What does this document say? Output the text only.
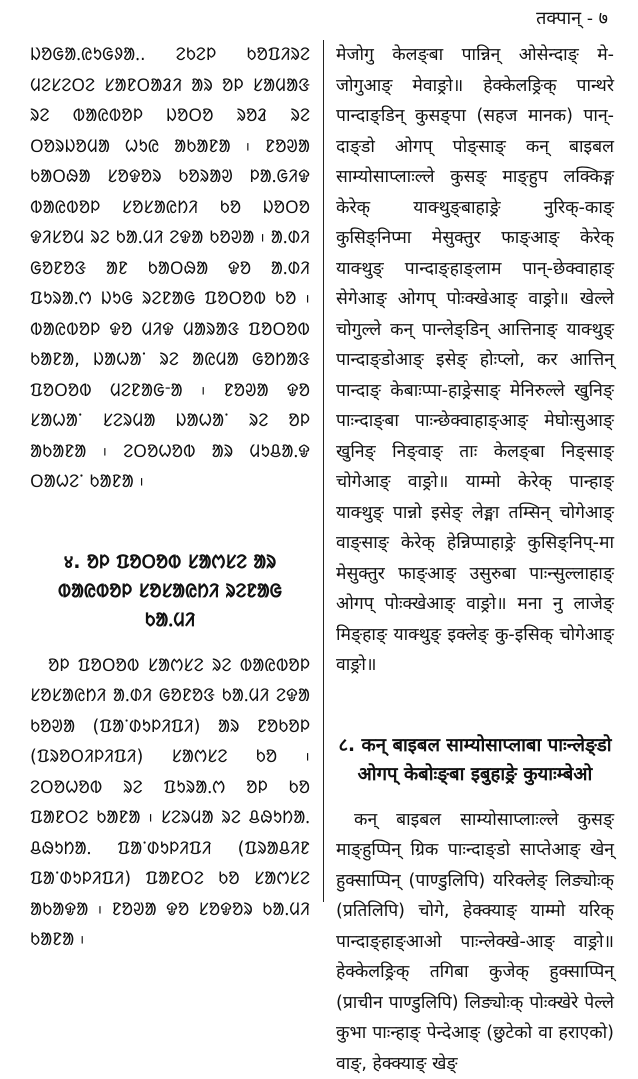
तक्पान् - ७

ᱡᱚᱜᱟᱹᱭᱩᱜᱽᱟᱹ. ᱮᱠᱮᱞ ᱠᱚᱯᱤᱨᱮ ᱢᱮᱥᱮᱛᱮ ᱥᱟᱱᱛᱟᱲᱤ ᱟᱨ ᱚᱞ ᱥᱟᱢᱟᱝ ᱨᱮ ᱵᱟᱭᱵᱚᱞ ᱡᱚᱛᱚ ᱨᱚᱲ ᱨᱮ ᱛᱚᱨᱡᱚᱢᱟ ᱦᱩᱭ ᱟᱠᱟᱱᱟ ᱾ ᱱᱚᱣᱟ ᱠᱟᱛᱷᱟ ᱥᱚᱫᱚᱨ ᱠᱚᱨᱟᱣ ᱞᱟᱹᱜᱤᱫ ᱵᱟᱭᱵᱚᱞ ᱥᱚᱥᱟᱭᱴᱤ ᱠᱚ ᱡᱚᱛᱚ ᱫᱤᱥᱚᱢ ᱨᱮ ᱠᱟᱹᱢᱤ ᱮᱫᱟ ᱠᱚᱣᱟ ᱾ ᱟᱹᱰᱤ ᱜᱚᱱᱚᱝ ᱟᱱ ᱠᱟᱛᱷᱟ ᱫᱚ ᱟᱹᱰᱤ ᱯᱩᱨᱟᱹᱬ ᱡᱩᱜ ᱨᱮᱱᱟᱜ ᱯᱚᱛᱚᱵ ᱠᱚ ᱾ ᱵᱟᱭᱵᱚᱞ ᱫᱚ ᱢᱤᱫ ᱢᱟᱨᱟᱝ ᱯᱚᱛᱚᱵ ᱠᱟᱱᱟ, ᱡᱟᱦᱟᱸ ᱨᱮ ᱟᱭᱢᱟ ᱜᱚᱴᱟᱝ ᱯᱚᱛᱚᱵ ᱢᱮᱱᱟᱜᱼᱟ ᱾ ᱱᱚᱣᱟ ᱫᱚ ᱥᱟᱦᱟᱸ ᱥᱮᱨᱢᱟ ᱡᱟᱦᱟᱸ ᱨᱮ ᱚᱞ ᱟᱠᱟᱱᱟ ᱾ ᱮᱛᱚᱦᱚᱵ ᱟᱨ ᱢᱩᱪᱟᱹᱫ ᱛᱟᱦᱮᱸ ᱠᱟᱱᱟ ᱾

४. ᱚᱞ ᱯᱚᱛᱚᱵ ᱥᱟᱬᱥᱮ ᱟᱨ ᱵᱟᱭᱵᱚᱞ ᱥᱚᱥᱟᱭᱴᱤ ᱨᱮᱱᱟᱜ ᱠᱟᱹᱢᱤ

ᱚᱞ ᱯᱚᱛᱚᱵ ᱥᱟᱬᱥᱮ ᱨᱮ ᱵᱟᱭᱵᱚᱞ ᱥᱚᱥᱟᱭᱴᱤ ᱟᱹᱰᱤ ᱜᱚᱱᱚᱝ ᱠᱟᱹᱢᱤ ᱮᱫᱟ ᱠᱚᱣᱟ (ᱯᱟᱸᱰᱩᱞᱤᱯᱤ) ᱟᱨ ᱱᱚᱠᱚᱞ (ᱯᱨᱚᱛᱤᱞᱤᱯᱤ) ᱥᱟᱬᱥᱮ ᱠᱚ ᱾ ᱮᱛᱚᱦᱚᱵ ᱨᱮ ᱯᱩᱨᱟᱹᱬ ᱚᱞ ᱠᱚ ᱯᱟᱱᱛᱮ ᱠᱟᱱᱟ ᱾ ᱥᱮᱨᱢᱟ ᱨᱮ ᱪᱷᱩᱴᱟᱹ ᱪᱷᱩᱴᱟᱹ ᱯᱟᱸᱰᱩᱞᱤᱯᱤ (ᱯᱨᱟᱪᱤᱱ ᱯᱟᱸᱰᱩᱞᱤᱯᱤ) ᱯᱟᱱᱛᱮ ᱠᱚ ᱥᱟᱬᱥᱮ ᱟᱠᱟᱫᱟ ᱾ ᱱᱚᱣᱟ ᱫᱚ ᱥᱚᱫᱚᱨ ᱠᱟᱹᱢᱤ ᱠᱟᱱᱟ ᱾

मेजोगु केलङ्बा पान्निन् ओसेन्दाङ् मे-जोगुआङ् मेवाङ्रो॥ हेक्केलङ्रिक् पान्थरे पान्दाङ्डिन् कुसङ्पा (सहज मानक) पान्-दाङ्डो ओगप् पोङ्साङ् कन् बाइबल साम्योसाप्लाःल्ले कुसङ् माङ्हुप लक्किङ्ग केरेक् याक्थुङ्बाहाङ्रे नुरिक्-काङ् कुसिङ्निप्मा मेसुक्तुर फाङ्आङ् केरेक् याक्थुङ् पान्दाङ्हाङ्लाम पान्-छेक्वाहाङ् सेगेआङ् ओगप् पोःक्खेआङ् वाङ्रो॥ खेल्ले चोगुल्ले कन् पान्लेङ्डिन् आत्तिनाङ् याक्थुङ् पान्दाङ्डोआङ् इसेङ् होःप्लो, कर आत्तिन् पान्दाङ् केबाःप्पा-हाङ्रेसाङ् मेनिरुल्ले खुनिङ् पाःन्दाङ्बा पाःन्छेक्वाहाङ्आङ् मेघोःसुआङ् खुनिङ् निङ्वाङ् ताः केलङ्बा निङ्साङ् चोगेआङ् वाङ्रो॥ याम्मो केरेक् पान्हाङ् याक्थुङ् पान्नो इसेङ् लेङ्मा तम्सिन् चोगेआङ् वाङ्साङ् केरेक् हेन्निप्पाहाङ्रे कुसिङ्निप्-मा मेसुक्तुर फाङ्आङ् उसुरुबा पाःन्सुल्लाहाङ् ओगप् पोःक्खेआङ् वाङ्रो॥ मना नु लाजेङ् मिङ्हाङ् याक्थुङ् इक्लेङ् कु-इसिक् चोगेआङ् वाङ्रो॥

८. कन् बाइबल साम्योसाप्लाबा पाःन्लेङ्डो ओगप् केबोःङ्बा इबुहाङ्रे कुयाःम्बेओ

कन् बाइबल साम्योसाप्लाःल्ले कुसङ् माङ्हुप्पिन् ग्रिक पाःन्दाङ्डो साप्तेआङ् खेन् हुक्साप्पिन् (पाण्डुलिपि) यरिक्लेङ् लिङ्योःक् (प्रतिलिपि) चोगे, हेक्क्याङ् याम्मो यरिक् पान्दाङ्हाङ्आओ पाःन्लेक्खे-आङ् वाङ्रो॥ हेक्केलङ्रिक् तगिबा कुजेक् हुक्साप्पिन् (प्राचीन पाण्डुलिपि) लिङ्योःक् पोःक्खेरे पेल्ले कुभा पाःन्हाङ् पेन्देआङ् (छुटेको वा हराएको) वाङ्, हेक्क्याङ् खेङ्
